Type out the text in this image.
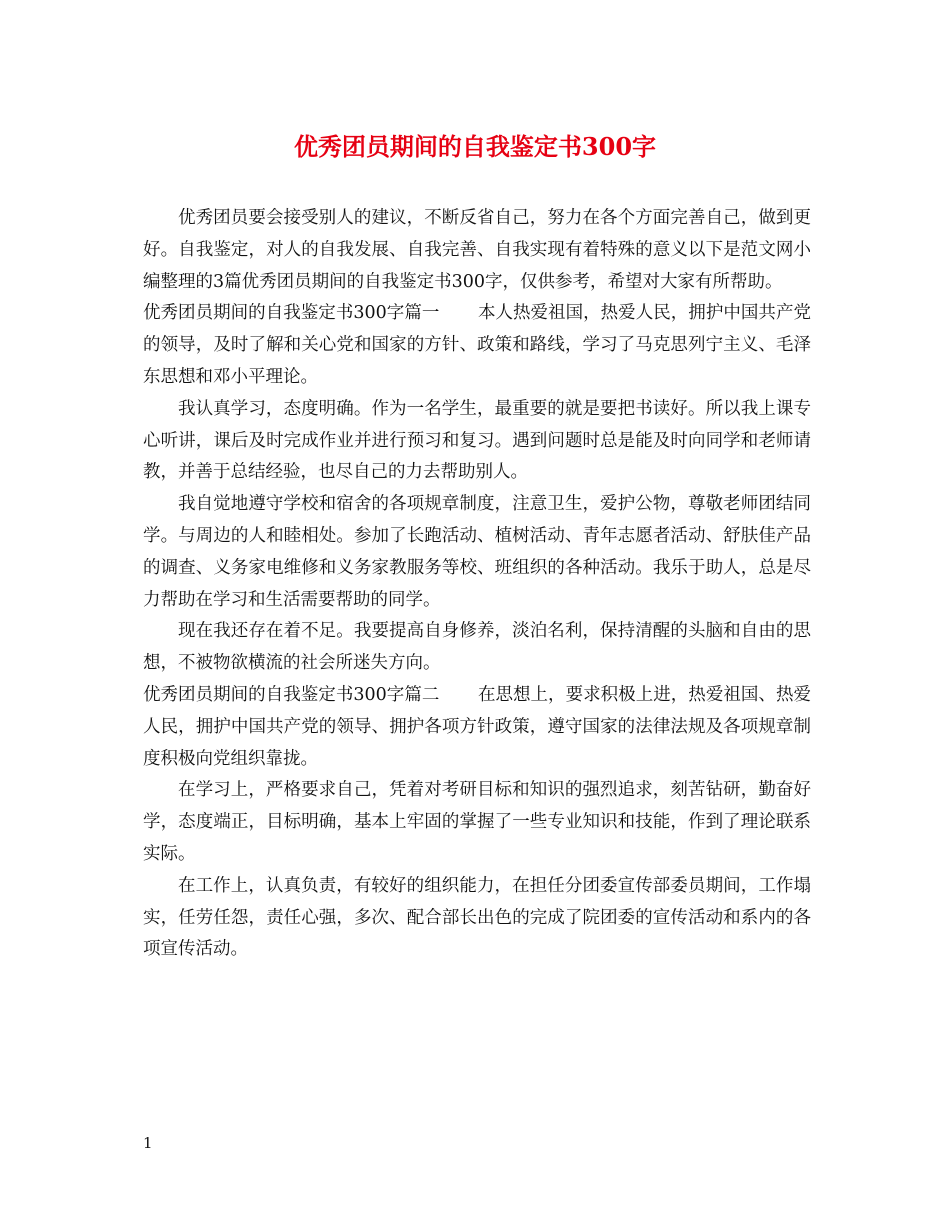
优秀团员期间的自我鉴定书300字

优秀团员要会接受别人的建议，不断反省自己，努力在各个方面完善自己，做到更好。自我鉴定，对人的自我发展、自我完善、自我实现有着特殊的意义以下是范文网小编整理的3篇优秀团员期间的自我鉴定书300字，仅供参考，希望对大家有所帮助。

优秀团员期间的自我鉴定书300字篇一 本人热爱祖国，热爱人民，拥护中国共产党的领导，及时了解和关心党和国家的方针、政策和路线，学习了马克思列宁主义、毛泽东思想和邓小平理论。

我认真学习，态度明确。作为一名学生，最重要的就是要把书读好。所以我上课专心听讲，课后及时完成作业并进行预习和复习。遇到问题时总是能及时向同学和老师请教，并善于总结经验，也尽自己的力去帮助别人。

我自觉地遵守学校和宿舍的各项规章制度，注意卫生，爱护公物，尊敬老师团结同学。与周边的人和睦相处。参加了长跑活动、植树活动、青年志愿者活动、舒肤佳产品的调查、义务家电维修和义务家教服务等校、班组织的各种活动。我乐于助人，总是尽力帮助在学习和生活需要帮助的同学。

现在我还存在着不足。我要提高自身修养，淡泊名利，保持清醒的头脑和自由的思想，不被物欲横流的社会所迷失方向。

优秀团员期间的自我鉴定书300字篇二 在思想上，要求积极上进，热爱祖国、热爱人民，拥护中国共产党的领导、拥护各项方针政策，遵守国家的法律法规及各项规章制度积极向党组织靠拢。

在学习上，严格要求自己，凭着对考研目标和知识的强烈追求，刻苦钻研，勤奋好学，态度端正，目标明确，基本上牢固的掌握了一些专业知识和技能，作到了理论联系实际。

在工作上，认真负责，有较好的组织能力，在担任分团委宣传部委员期间，工作塌实，任劳任怨，责任心强，多次、配合部长出色的完成了院团委的宣传活动和系内的各项宣传活动。

1
